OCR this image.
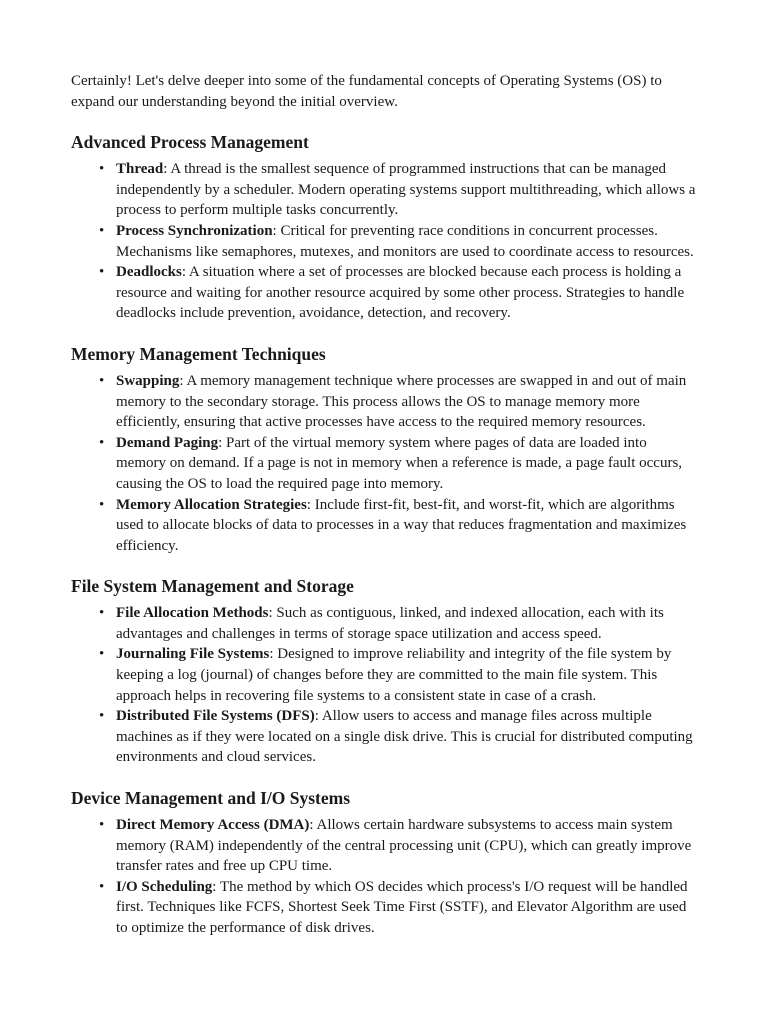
Certainly! Let's delve deeper into some of the fundamental concepts of Operating Systems (OS) to expand our understanding beyond the initial overview.

Advanced Process Management
• Thread: A thread is the smallest sequence of programmed instructions that can be managed independently by a scheduler. Modern operating systems support multithreading, which allows a process to perform multiple tasks concurrently.
• Process Synchronization: Critical for preventing race conditions in concurrent processes. Mechanisms like semaphores, mutexes, and monitors are used to coordinate access to resources.
• Deadlocks: A situation where a set of processes are blocked because each process is holding a resource and waiting for another resource acquired by some other process. Strategies to handle deadlocks include prevention, avoidance, detection, and recovery.
Memory Management Techniques
• Swapping: A memory management technique where processes are swapped in and out of main memory to the secondary storage. This process allows the OS to manage memory more efficiently, ensuring that active processes have access to the required memory resources.
• Demand Paging: Part of the virtual memory system where pages of data are loaded into memory on demand. If a page is not in memory when a reference is made, a page fault occurs, causing the OS to load the required page into memory.
• Memory Allocation Strategies: Include first-fit, best-fit, and worst-fit, which are algorithms used to allocate blocks of data to processes in a way that reduces fragmentation and maximizes efficiency.
File System Management and Storage
• File Allocation Methods: Such as contiguous, linked, and indexed allocation, each with its advantages and challenges in terms of storage space utilization and access speed.
• Journaling File Systems: Designed to improve reliability and integrity of the file system by keeping a log (journal) of changes before they are committed to the main file system. This approach helps in recovering file systems to a consistent state in case of a crash.
• Distributed File Systems (DFS): Allow users to access and manage files across multiple machines as if they were located on a single disk drive. This is crucial for distributed computing environments and cloud services.
Device Management and I/O Systems
• Direct Memory Access (DMA): Allows certain hardware subsystems to access main system memory (RAM) independently of the central processing unit (CPU), which can greatly improve transfer rates and free up CPU time.
• I/O Scheduling: The method by which OS decides which process's I/O request will be handled first. Techniques like FCFS, Shortest Seek Time First (SSTF), and Elevator Algorithm are used to optimize the performance of disk drives.
